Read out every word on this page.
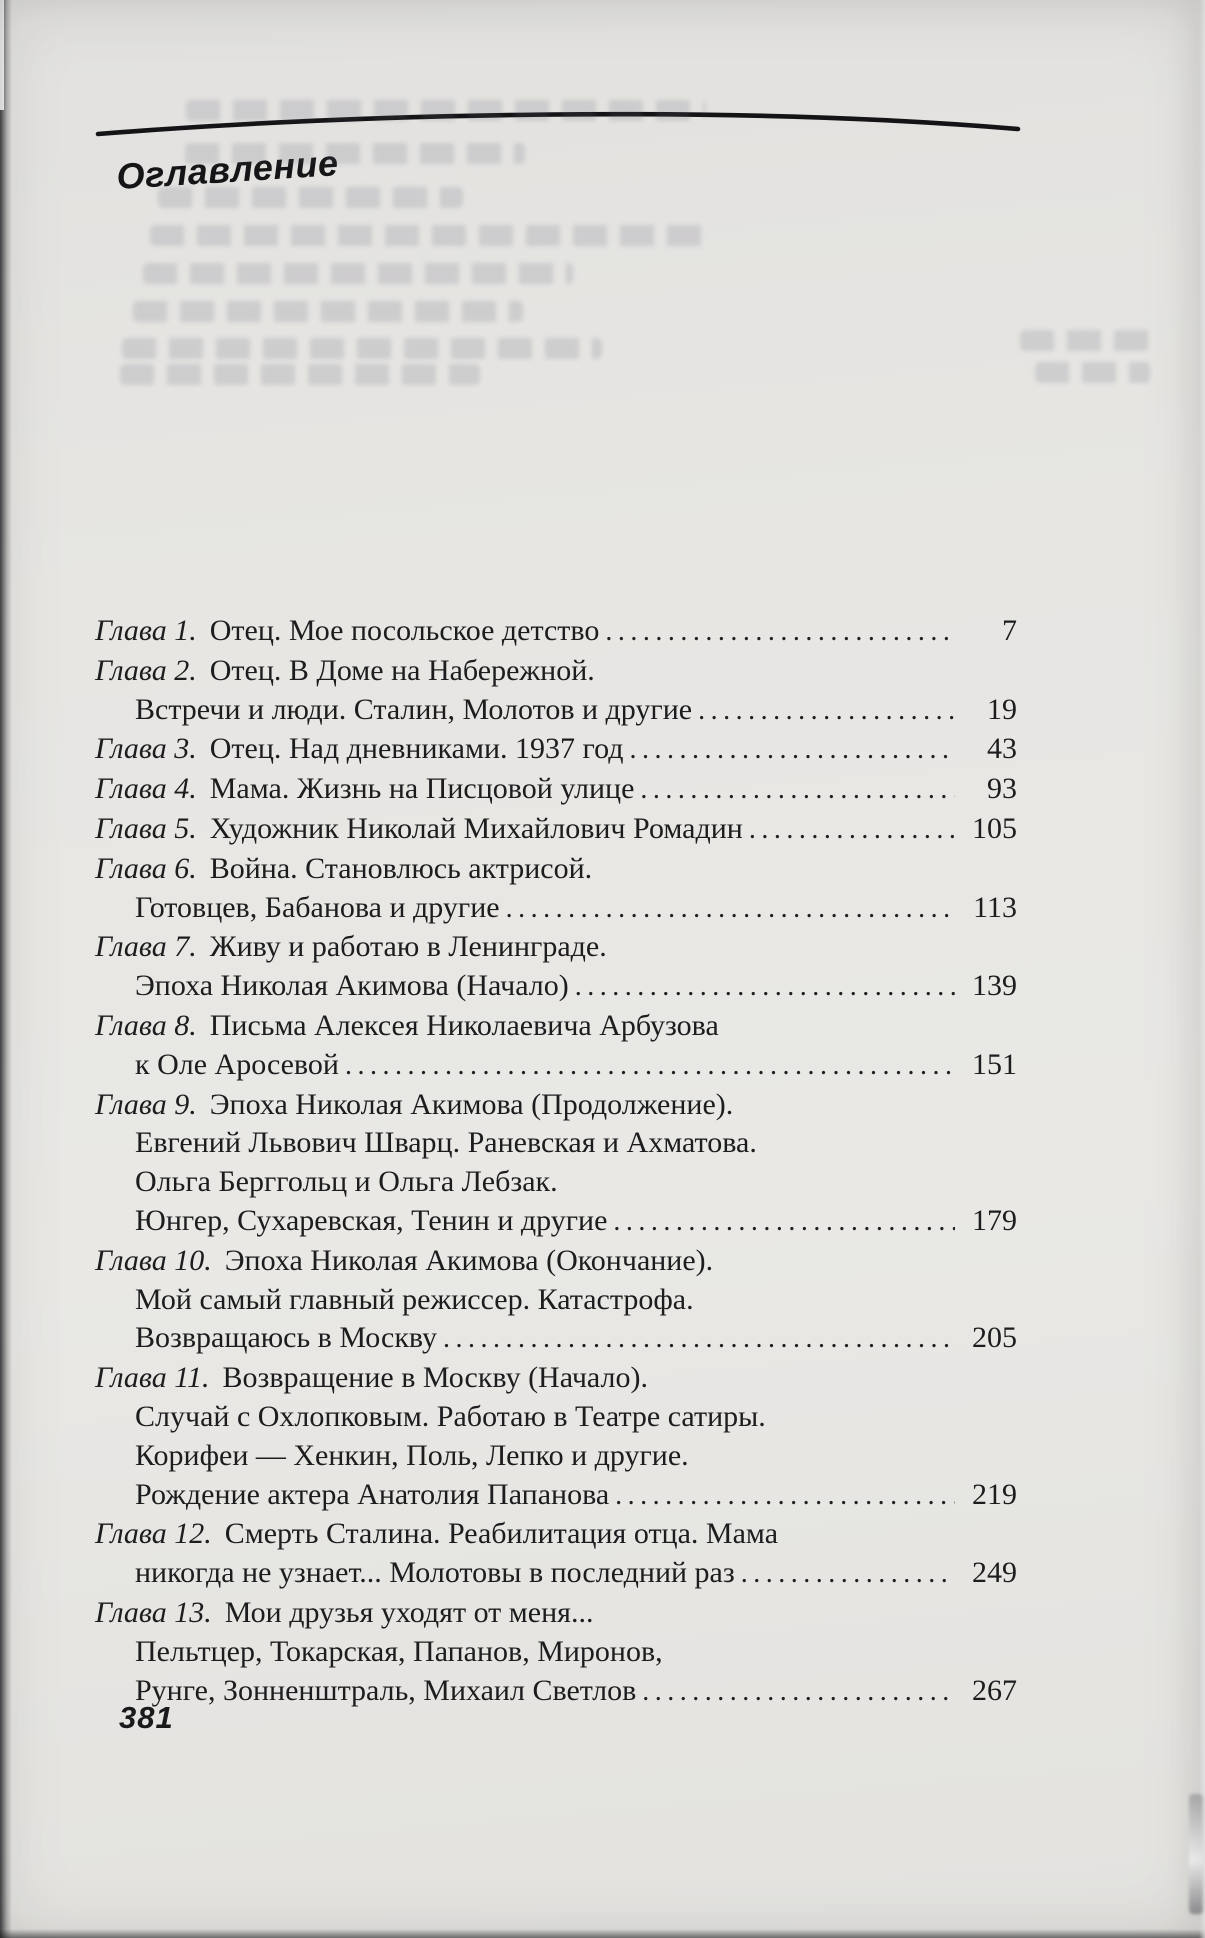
Оглавление
Глава 1. Отец. Мое посольское детство .....	7
Глава 2. Отец. В Доме на Набережной.
Встречи и люди. Сталин, Молотов и другие .....	19
Глава 3. Отец. Над дневниками. 1937 год .....	43
Глава 4. Мама. Жизнь на Писцовой улице .....	93
Глава 5. Художник Николай Михайлович Ромадин .....	105
Глава 6. Война. Становлюсь актрисой.
Готовцев, Бабанова и другие .....	113
Глава 7. Живу и работаю в Ленинграде.
Эпоха Николая Акимова (Начало) .....	139
Глава 8. Письма Алексея Николаевича Арбузова
к Оле Аросевой .....	151
Глава 9. Эпоха Николая Акимова (Продолжение).
Евгений Львович Шварц. Раневская и Ахматова.
Ольга Берггольц и Ольга Лебзак.
Юнгер, Сухаревская, Тенин и другие .....	179
Глава 10. Эпоха Николая Акимова (Окончание).
Мой самый главный режиссер. Катастрофа.
Возвращаюсь в Москву .....	205
Глава 11. Возвращение в Москву (Начало).
Случай с Охлопковым. Работаю в Театре сатиры.
Корифеи — Хенкин, Поль, Лепко и другие.
Рождение актера Анатолия Папанова .....	219
Глава 12. Смерть Сталина. Реабилитация отца. Мама
никогда не узнает... Молотовы в последний раз .....	249
Глава 13. Мои друзья уходят от меня...
Пельтцер, Токарская, Папанов, Миронов,
Рунге, Зонненштраль, Михаил Светлов .....	267
381
